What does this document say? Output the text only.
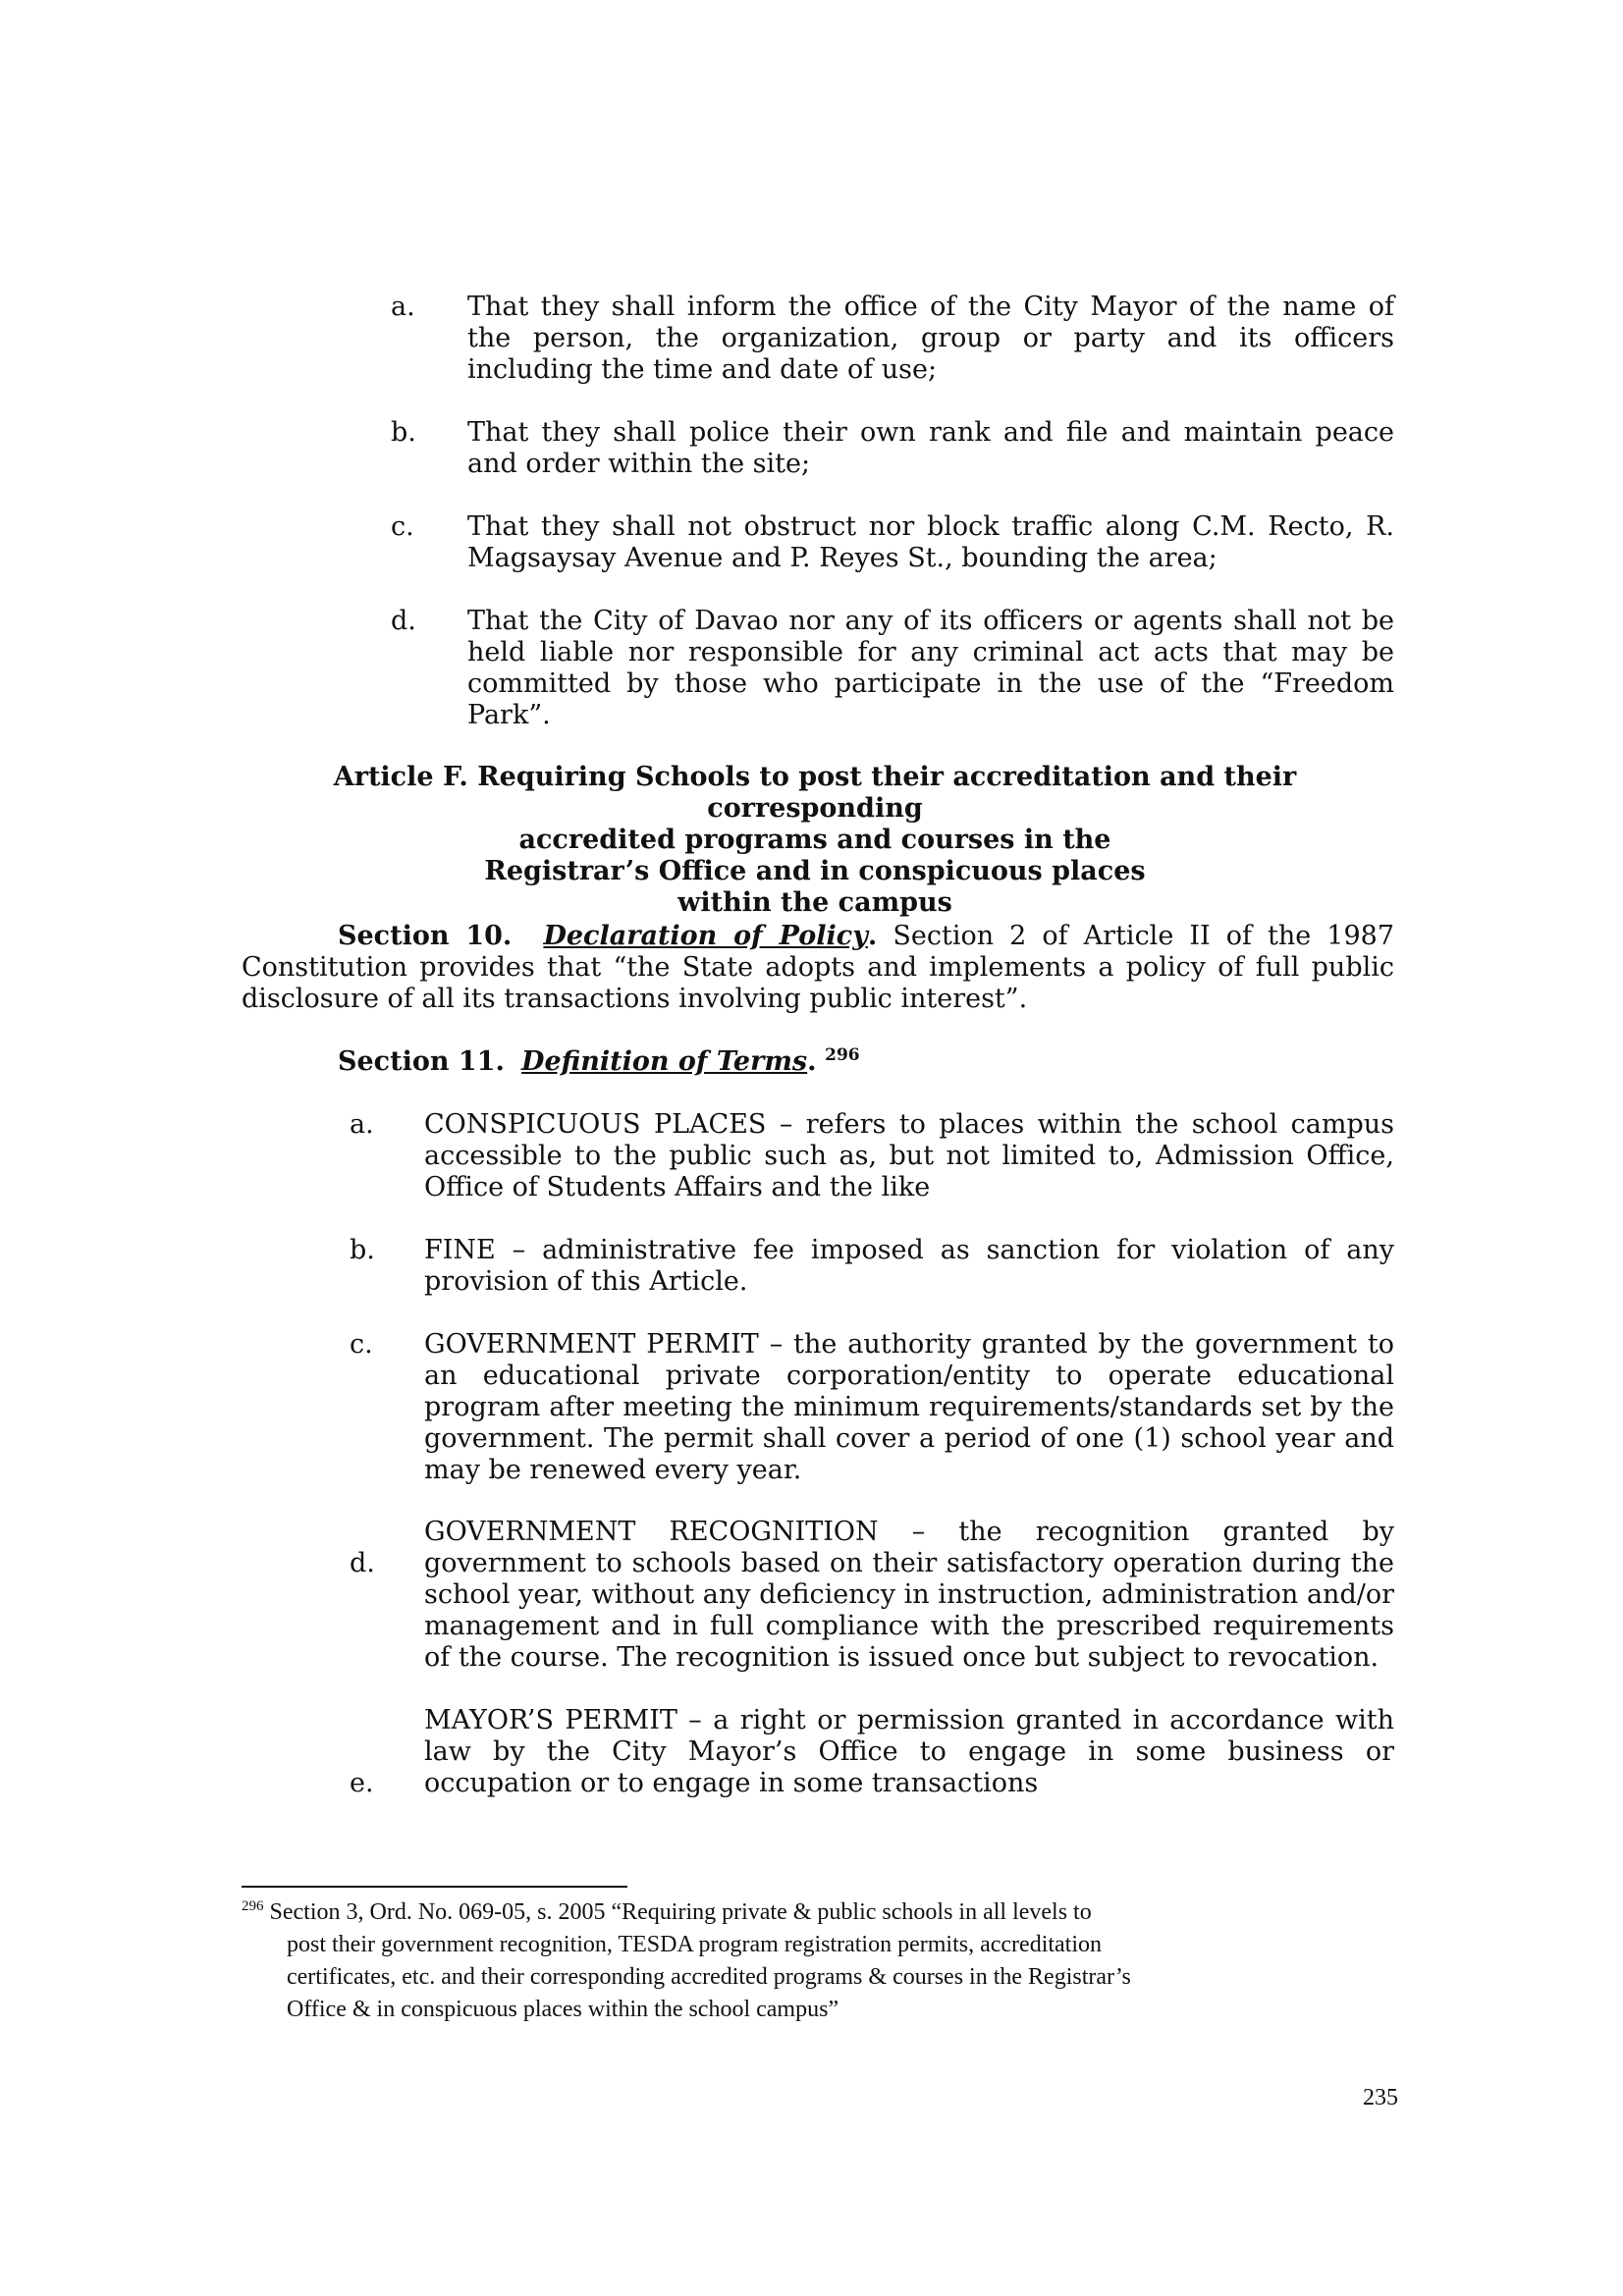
a. That they shall inform the office of the City Mayor of the name of the person, the organization, group or party and its officers including the time and date of use;
b. That they shall police their own rank and file and maintain peace and order within the site;
c. That they shall not obstruct nor block traffic along C.M. Recto, R. Magsaysay Avenue and P. Reyes St., bounding the area;
d. That the City of Davao nor any of its officers or agents shall not be held liable nor responsible for any criminal act acts that may be committed by those who participate in the use of the “Freedom Park”.
Article F. Requiring Schools to post their accreditation and their corresponding
accredited programs and courses in the
Registrar’s Office and in conspicuous places
within the campus
Section 10. Declaration of Policy. Section 2 of Article II of the 1987 Constitution provides that “the State adopts and implements a policy of full public disclosure of all its transactions involving public interest”.
Section 11. Definition of Terms. $^{296}$
a. CONSPICUOUS PLACES – refers to places within the school campus accessible to the public such as, but not limited to, Admission Office, Office of Students Affairs and the like
b. FINE – administrative fee imposed as sanction for violation of any provision of this Article.
c. GOVERNMENT PERMIT – the authority granted by the government to an educational private corporation/entity to operate educational program after meeting the minimum requirements/standards set by the government. The permit shall cover a period of one (1) school year and may be renewed every year.
d.
GOVERNMENT RECOGNITION – the recognition granted by government to schools based on their satisfactory operation during the school year, without any deficiency in instruction, administration and/or management and in full compliance with the prescribed requirements of the course. The recognition is issued once but subject to revocation.
e.
MAYOR’S PERMIT – a right or permission granted in accordance with law by the City Mayor’s Office to engage in some business or occupation or to engage in some transactions
$^{296}$ Section 3, Ord. No. 069-05, s. 2005 “Requiring private & public schools in all levels to
post their government recognition, TESDA program registration permits, accreditation
certificates, etc. and their corresponding accredited programs & courses in the Registrar’s
Office & in conspicuous places within the school campus”
235
